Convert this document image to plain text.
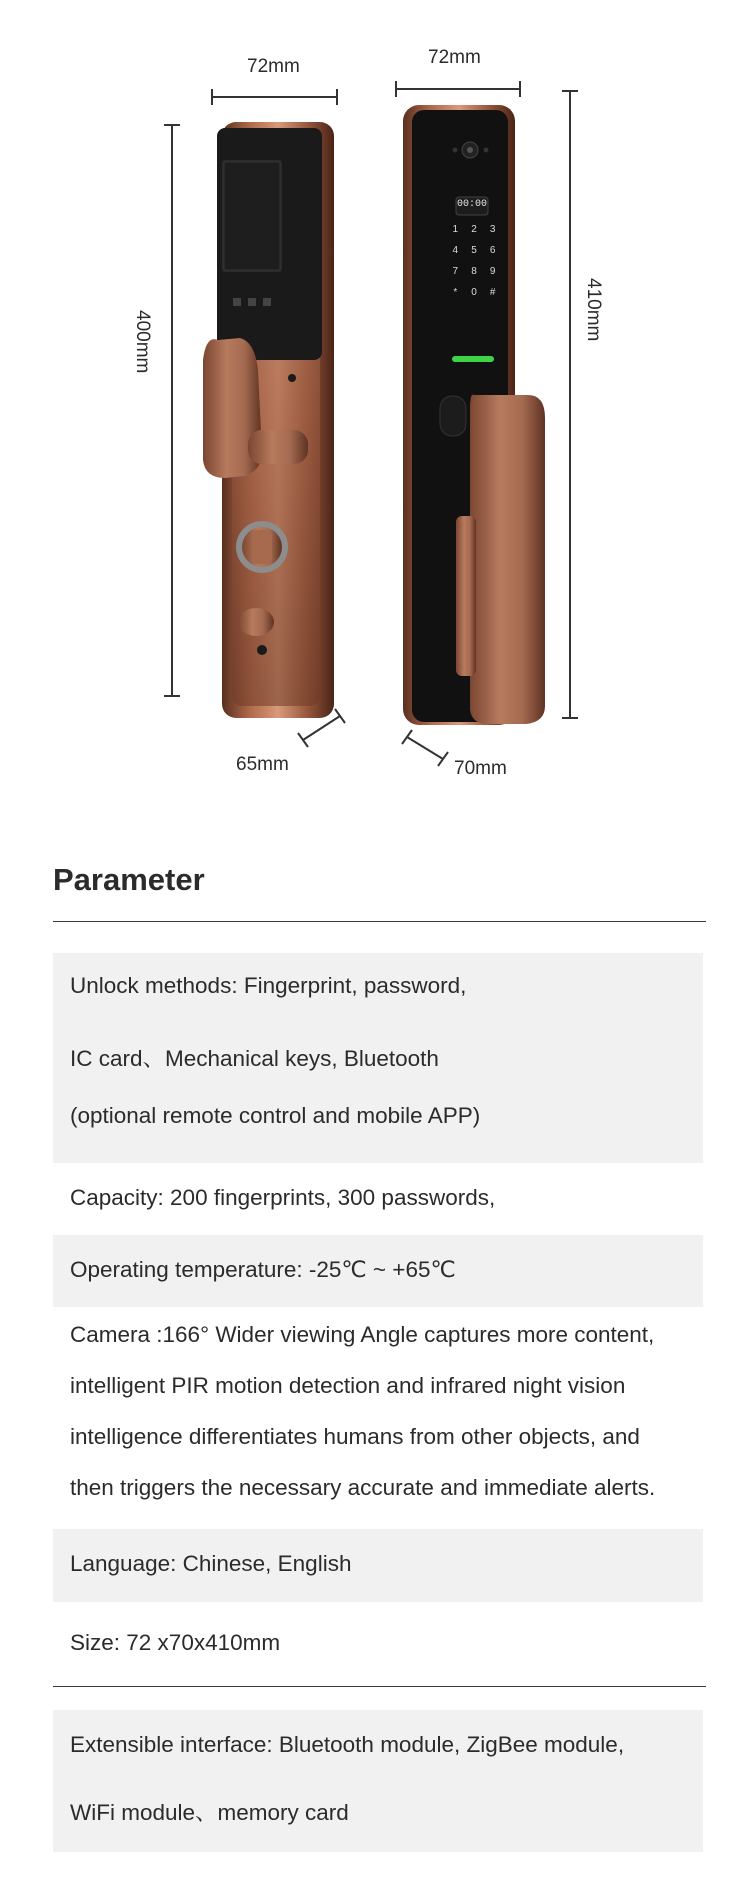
00:00
1	2	3
4	5	6
7	8	9
*	0	#
72mm	72mm
400mm
410mm
65mm	70mm
Parameter
Unlock methods: Fingerprint, password,
IC card、Mechanical keys, Bluetooth
(optional remote control and mobile APP)
Capacity: 200 fingerprints, 300 passwords,
Operating temperature: -25℃ ~ +65℃
Camera :166° Wider viewing Angle captures more content,
intelligent PIR motion detection and infrared night vision
intelligence differentiates humans from other objects, and
then triggers the necessary accurate and immediate alerts.
Language: Chinese, English
Size: 72 x70x410mm
Extensible interface: Bluetooth module, ZigBee module,
WiFi module、memory card
